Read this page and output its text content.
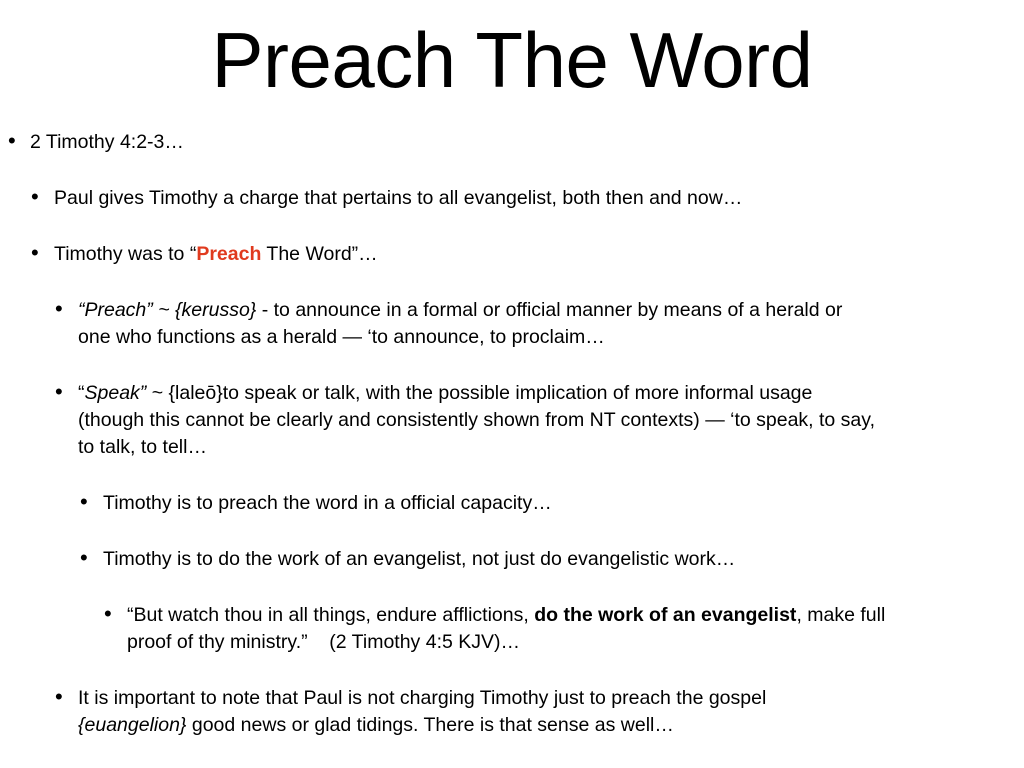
Preach The Word
• 2 Timothy 4:2-3…
• Paul gives Timothy a charge that pertains to all evangelist, both then and now…
• Timothy was to “Preach The Word”…
• “Preach” ~ {kerusso} - to announce in a formal or official manner by means of a herald or
one who functions as a herald — ‘to announce, to proclaim…
• “Speak” ~ {laleō}to speak or talk, with the possible implication of more informal usage
(though this cannot be clearly and consistently shown from NT contexts) — ‘to speak, to say,
to talk, to tell…
• Timothy is to preach the word in a official capacity…
• Timothy is to do the work of an evangelist, not just do evangelistic work…
• “But watch thou in all things, endure afflictions, do the work of an evangelist, make full
proof of thy ministry.”    (2 Timothy 4:5 KJV)…
• It is important to note that Paul is not charging Timothy just to preach the gospel
{euangelion} good news or glad tidings. There is that sense as well…
